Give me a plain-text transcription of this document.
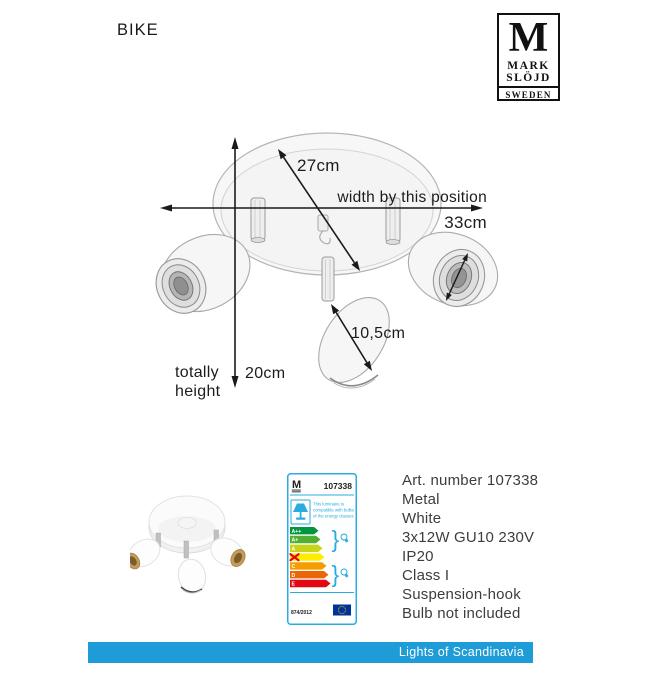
BIKE	M
MARK
SLÖJD
SWEDEN
27cm
width by this position
33cm
10,5cm
totally
height
20cm
M	107338
This luminaire is
compatible with bulbs
of the energy classes
A++
A+
A
C
D
E
}
}
874/2012
Art. number 107338
Metal
White
3x12W GU10 230V
IP20
Class I
Suspension-hook
Bulb not included
Lights of Scandinavia
